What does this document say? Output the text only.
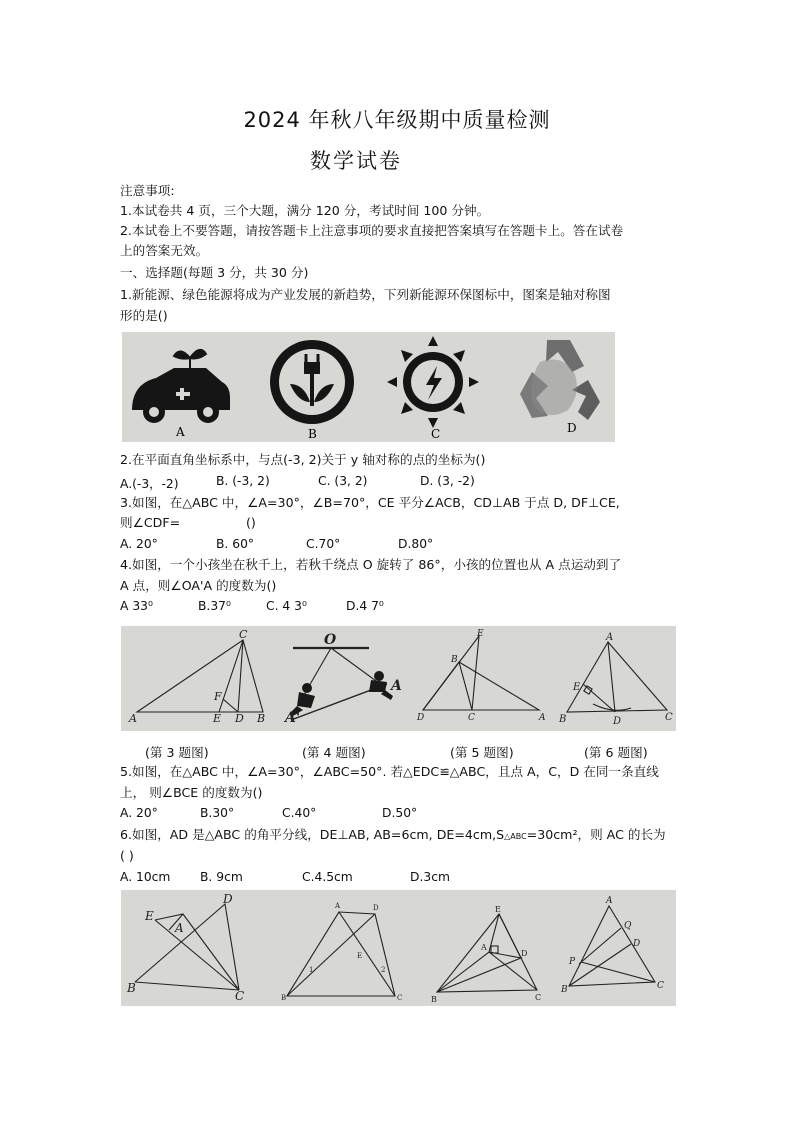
2024 年秋八年级期中质量检测
数学试卷
注意事项:
1.本试卷共 4 页，三个大题，满分 120 分，考试时间 100 分钟。
2.本试卷上不要答题，请按答题卡上注意事项的要求直接把答案填写在答题卡上。答在试卷
上的答案无效。
一、选择题(每题 3 分，共 30 分)
1.新能源、绿色能源将成为产业发展的新趋势，下列新能源环保图标中，图案是轴对称图
形的是()
A	B	C	D
2.在平面直角坐标系中，与点(-3, 2)关于 y 轴对称的点的坐标为()
A.(-3，-2)	B. (-3, 2)	C. (3, 2)	D. (3, -2)
3.如图，在△ABC 中，∠A=30°，∠B=70°，CE 平分∠ACB，CD⊥AB 于点 D, DF⊥CE,
则∠CDF=	()
A. 20°	B. 60°	C.70°	D.80°
4.如图，一个小孩坐在秋千上，若秋千绕点 O 旋转了 86°，小孩的位置也从 A 点运动到了
A 点，则∠OA'A 的度数为()
A 33⁰	B.37⁰	C. 4 3⁰	D.4 7⁰
C
F
A	E D B
O
A
A'
E
B
D	C	A
A
E
B	D	C
(第 3 题图)	(第 4 题图)	(第 5 题图)	(第 6 题图)
5.如图，在△ABC 中，∠A=30°，∠ABC=50°. 若△EDC≌△ABC，且点 A，C，D 在同一条直线
上， 则∠BCE 的度数为()
A. 20°	B.30°	C.40°	D.50°
6.如图，AD 是△ABC 的角平分线，DE⊥AB, AB=6cm, DE=4cm,S△ABC=30cm²，则 AC 的长为
( )
A. 10cm B. 9cm	C.4.5cm	D.3cm
D
E
A
B
C
A	D
E
B	C
1	2
E
A
D
B	C
A
Q
D
P
B	C
